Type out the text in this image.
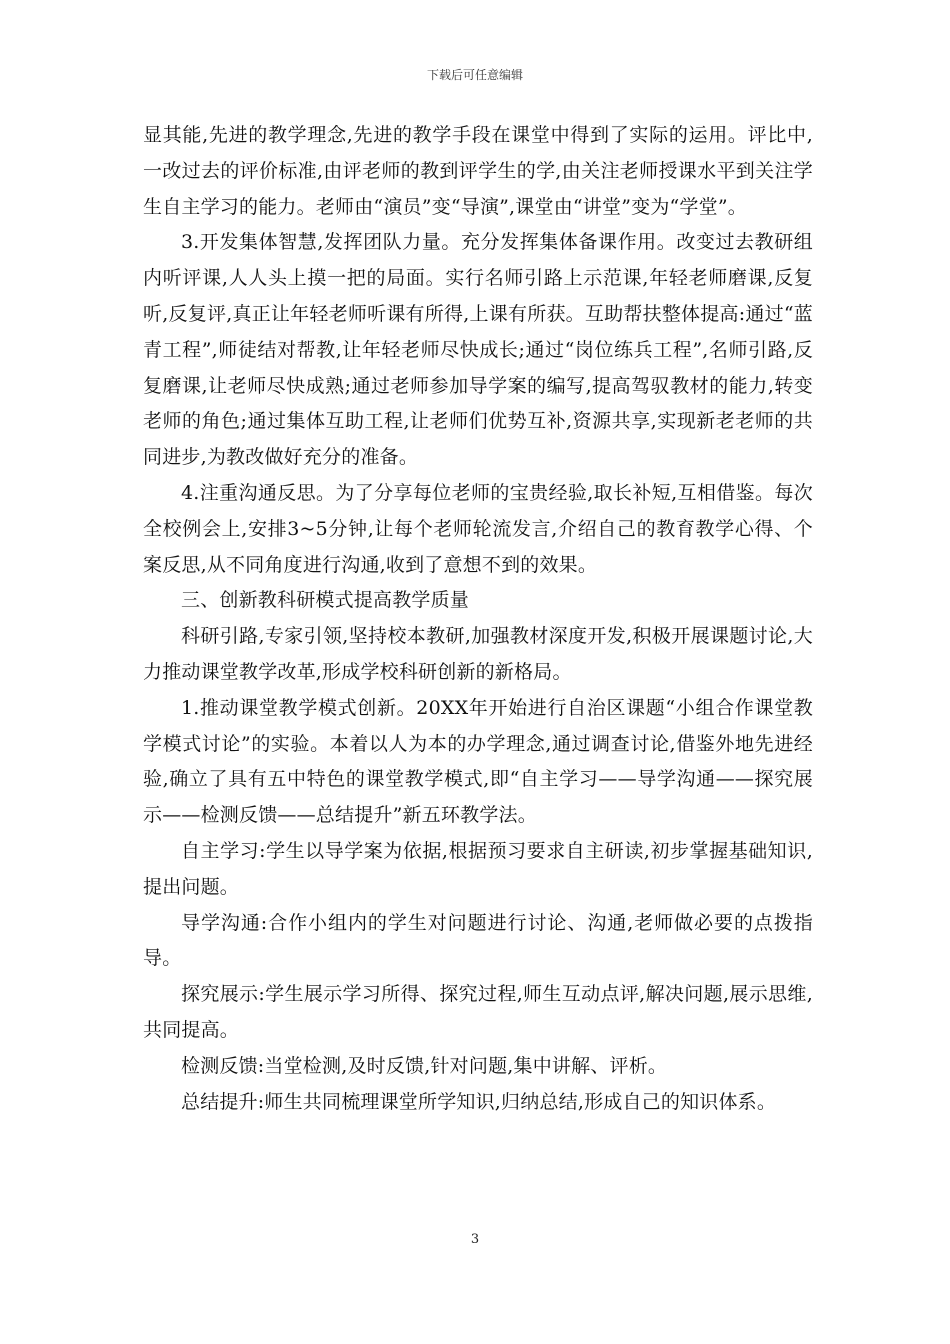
下载后可任意编辑

显其能,先进的教学理念,先进的教学手段在课堂中得到了实际的运用。评比中,一改过去的评价标准,由评老师的教到评学生的学,由关注老师授课水平到关注学生自主学习的能力。老师由“演员”变“导演”,课堂由“讲堂”变为“学堂”。

3.开发集体智慧,发挥团队力量。充分发挥集体备课作用。改变过去教研组内听评课,人人头上摸一把的局面。实行名师引路上示范课,年轻老师磨课,反复听,反复评,真正让年轻老师听课有所得,上课有所获。互助帮扶整体提高:通过“蓝青工程”,师徒结对帮教,让年轻老师尽快成长;通过“岗位练兵工程”,名师引路,反复磨课,让老师尽快成熟;通过老师参加导学案的编写,提高驾驭教材的能力,转变老师的角色;通过集体互助工程,让老师们优势互补,资源共享,实现新老老师的共同进步,为教改做好充分的准备。

4.注重沟通反思。为了分享每位老师的宝贵经验,取长补短,互相借鉴。每次全校例会上,安排3~5分钟,让每个老师轮流发言,介绍自己的教育教学心得、个案反思,从不同角度进行沟通,收到了意想不到的效果。

三、创新教科研模式提高教学质量

科研引路,专家引领,坚持校本教研,加强教材深度开发,积极开展课题讨论,大力推动课堂教学改革,形成学校科研创新的新格局。

1.推动课堂教学模式创新。20XX年开始进行自治区课题“小组合作课堂教学模式讨论”的实验。本着以人为本的办学理念,通过调查讨论,借鉴外地先进经验,确立了具有五中特色的课堂教学模式,即“自主学习——导学沟通——探究展示——检测反馈——总结提升”新五环教学法。

自主学习:学生以导学案为依据,根据预习要求自主研读,初步掌握基础知识,提出问题。

导学沟通:合作小组内的学生对问题进行讨论、沟通,老师做必要的点拨指导。

探究展示:学生展示学习所得、探究过程,师生互动点评,解决问题,展示思维,共同提高。

检测反馈:当堂检测,及时反馈,针对问题,集中讲解、评析。

总结提升:师生共同梳理课堂所学知识,归纳总结,形成自己的知识体系。

3
